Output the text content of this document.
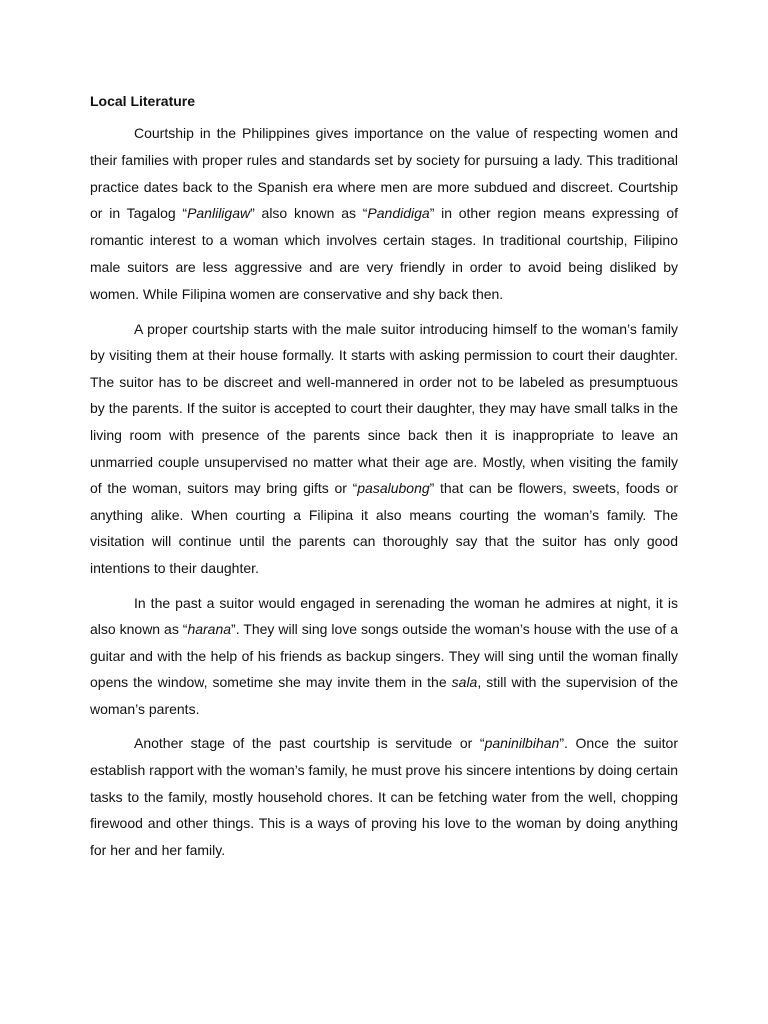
Local Literature

Courtship in the Philippines gives importance on the value of respecting women and their families with proper rules and standards set by society for pursuing a lady. This traditional practice dates back to the Spanish era where men are more subdued and discreet. Courtship or in Tagalog “Panliligaw” also known as “Pandidiga” in other region means expressing of romantic interest to a woman which involves certain stages. In traditional courtship, Filipino male suitors are less aggressive and are very friendly in order to avoid being disliked by women. While Filipina women are conservative and shy back then.

A proper courtship starts with the male suitor introducing himself to the woman’s family by visiting them at their house formally. It starts with asking permission to court their daughter. The suitor has to be discreet and well-mannered in order not to be labeled as presumptuous by the parents. If the suitor is accepted to court their daughter, they may have small talks in the living room with presence of the parents since back then it is inappropriate to leave an unmarried couple unsupervised no matter what their age are. Mostly, when visiting the family of the woman, suitors may bring gifts or “pasalubong” that can be flowers, sweets, foods or anything alike. When courting a Filipina it also means courting the woman’s family. The visitation will continue until the parents can thoroughly say that the suitor has only good intentions to their daughter.

In the past a suitor would engaged in serenading the woman he admires at night, it is also known as “harana”. They will sing love songs outside the woman’s house with the use of a guitar and with the help of his friends as backup singers. They will sing until the woman finally opens the window, sometime she may invite them in the sala, still with the supervision of the woman’s parents.

Another stage of the past courtship is servitude or “paninilbihan”. Once the suitor establish rapport with the woman’s family, he must prove his sincere intentions by doing certain tasks to the family, mostly household chores. It can be fetching water from the well, chopping firewood and other things. This is a ways of proving his love to the woman by doing anything for her and her family.
